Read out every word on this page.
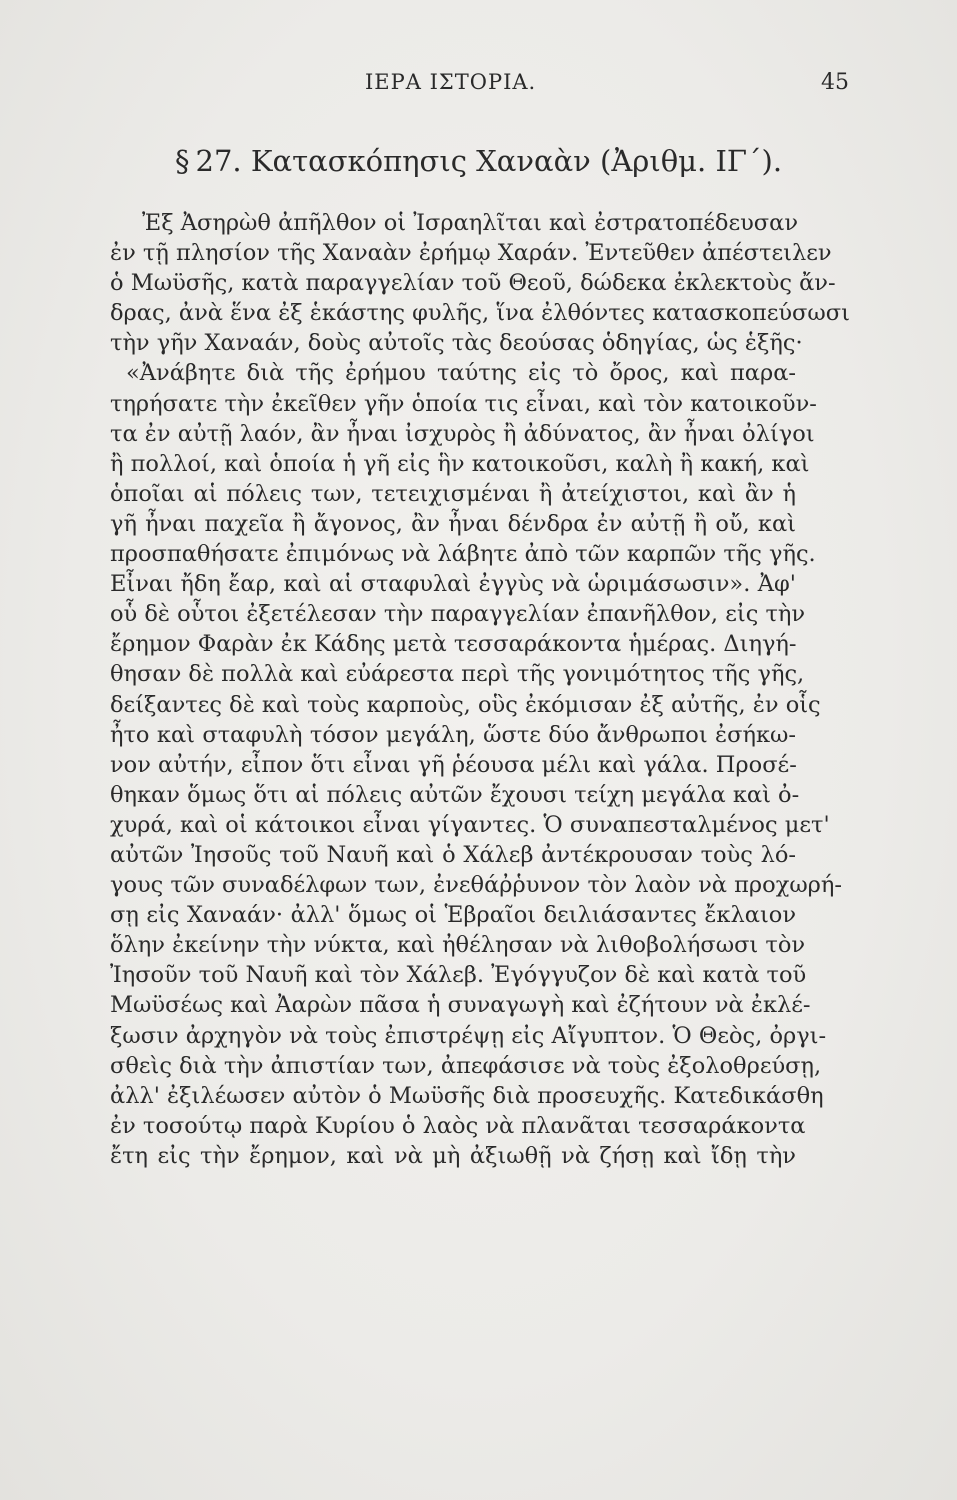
ΙΕΡΑ ΙΣΤΟΡΙΑ.	45
§ 27. Κατασκόπησις Χαναὰν (Ἀριθμ. ΙΓ΄).
Ἐξ Ἀσηρὼθ ἀπῆλθον οἱ Ἰσραηλῖται καὶ ἐστρατοπέδευσαν
ἐν τῇ πλησίον τῆς Χαναὰν ἐρήμῳ Χαράν. Ἐντεῦθεν ἀπέστειλεν
ὁ Μωϋσῆς, κατὰ παραγγελίαν τοῦ Θεοῦ, δώδεκα ἐκλεκτοὺς ἄν-
δρας, ἀνὰ ἕνα ἐξ ἑκάστης φυλῆς, ἵνα ἐλθόντες κατασκοπεύσωσι
τὴν γῆν Χαναάν, δοὺς αὐτοῖς τὰς δεούσας ὁδηγίας, ὡς ἑξῆς·
«Ἀνάβητε διὰ τῆς ἐρήμου ταύτης εἰς τὸ ὄρος, καὶ παρα-
τηρήσατε τὴν ἐκεῖθεν γῆν ὁποία τις εἶναι, καὶ τὸν κατοικοῦν-
τα ἐν αὐτῇ λαόν, ἂν ἦναι ἰσχυρὸς ἢ ἀδύνατος, ἂν ἦναι ὀλίγοι
ἢ πολλοί, καὶ ὁποία ἡ γῆ εἰς ἣν κατοικοῦσι, καλὴ ἢ κακή, καὶ
ὁποῖαι αἱ πόλεις των, τετειχισμέναι ἢ ἀτείχιστοι, καὶ ἂν ἡ
γῆ ἦναι παχεῖα ἢ ἄγονος, ἂν ἦναι δένδρα ἐν αὐτῇ ἢ οὔ, καὶ
προσπαθήσατε ἐπιμόνως νὰ λάβητε ἀπὸ τῶν καρπῶν τῆς γῆς.
Εἶναι ἤδη ἔαρ, καὶ αἱ σταφυλαὶ ἐγγὺς νὰ ὡριμάσωσιν». Ἀφ'
οὗ δὲ οὗτοι ἐξετέλεσαν τὴν παραγγελίαν ἐπανῆλθον, εἰς τὴν
ἔρημον Φαρὰν ἐκ Κάδης μετὰ τεσσαράκοντα ἡμέρας. Διηγή-
θησαν δὲ πολλὰ καὶ εὐάρεστα περὶ τῆς γονιμότητος τῆς γῆς,
δείξαντες δὲ καὶ τοὺς καρποὺς, οὓς ἐκόμισαν ἐξ αὐτῆς, ἐν οἷς
ἦτο καὶ σταφυλὴ τόσον μεγάλη, ὥστε δύο ἄνθρωποι ἐσήκω-
νον αὐτήν, εἶπον ὅτι εἶναι γῆ ῥέουσα μέλι καὶ γάλα. Προσέ-
θηκαν ὅμως ὅτι αἱ πόλεις αὐτῶν ἔχουσι τείχη μεγάλα καὶ ὀ-
χυρά, καὶ οἱ κάτοικοι εἶναι γίγαντες. Ὁ συναπεσταλμένος μετ'
αὐτῶν Ἰησοῦς τοῦ Ναυῆ καὶ ὁ Χάλεβ ἀντέκρουσαν τοὺς λό-
γους τῶν συναδέλφων των, ἐνεθάῤῥυνον τὸν λαὸν νὰ προχωρή-
σῃ εἰς Χαναάν· ἀλλ' ὅμως οἱ Ἑβραῖοι δειλιάσαντες ἔκλαιον
ὅλην ἐκείνην τὴν νύκτα, καὶ ἠθέλησαν νὰ λιθοβολήσωσι τὸν
Ἰησοῦν τοῦ Ναυῆ καὶ τὸν Χάλεβ. Ἐγόγγυζον δὲ καὶ κατὰ τοῦ
Μωϋσέως καὶ Ἀαρὼν πᾶσα ἡ συναγωγὴ καὶ ἐζήτουν νὰ ἐκλέ-
ξωσιν ἀρχηγὸν νὰ τοὺς ἐπιστρέψῃ εἰς Αἴγυπτον. Ὁ Θεὸς, ὀργι-
σθεὶς διὰ τὴν ἀπιστίαν των, ἀπεφάσισε νὰ τοὺς ἐξολοθρεύσῃ,
ἀλλ' ἐξιλέωσεν αὐτὸν ὁ Μωϋσῆς διὰ προσευχῆς. Κατεδικάσθη
ἐν τοσούτῳ παρὰ Κυρίου ὁ λαὸς νὰ πλανᾶται τεσσαράκοντα
ἔτη εἰς τὴν ἔρημον, καὶ νὰ μὴ ἀξιωθῇ νὰ ζήσῃ καὶ ἴδῃ τὴν
